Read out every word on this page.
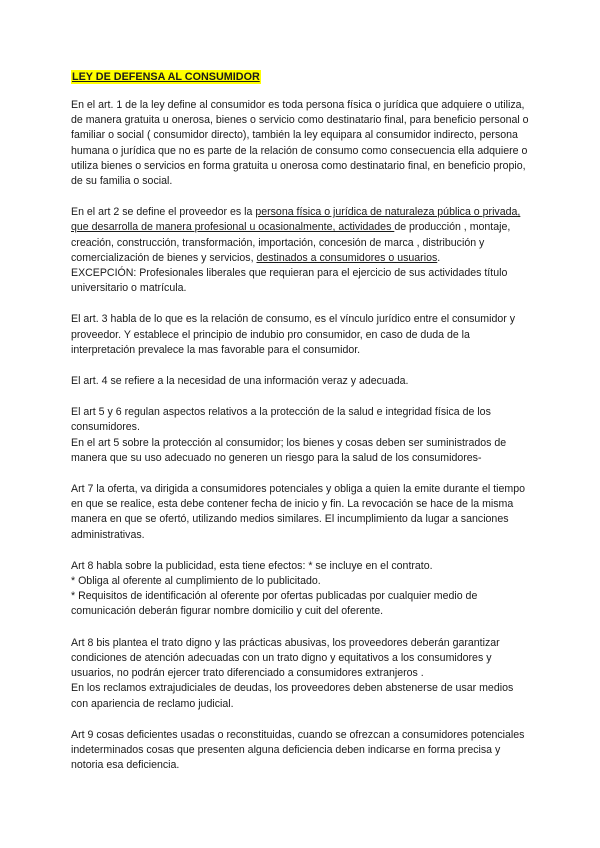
LEY DE DEFENSA AL CONSUMIDOR

En el art. 1 de la ley define al consumidor es toda persona física o jurídica que adquiere o utiliza, de manera gratuita u onerosa, bienes o servicio como destinatario final, para beneficio personal o familiar o social ( consumidor directo), también la ley equipara al consumidor indirecto, persona humana o jurídica que no es parte de la relación de consumo como consecuencia ella adquiere o utiliza bienes o servicios en forma gratuita u onerosa como destinatario final, en beneficio propio, de su familia o social.

En el art 2 se define el proveedor es la persona física o jurídica de naturaleza pública o privada, que desarrolla de manera profesional u ocasionalmente, actividades de producción , montaje, creación, construcción, transformación, importación, concesión de marca , distribución y comercialización de bienes y servicios, destinados a consumidores o usuarios.
EXCEPCIÓN: Profesionales liberales que requieran para el ejercicio de sus actividades título universitario o matrícula.

El art. 3 habla de lo que es la relación de consumo, es el vínculo jurídico entre el consumidor y proveedor. Y establece el principio de indubio pro consumidor, en caso de duda de la interpretación prevalece la mas favorable para el consumidor.

El art. 4 se refiere a la necesidad de una información veraz y adecuada.

El art 5 y 6 regulan aspectos relativos a la protección de la salud e integridad física de los consumidores.
En el art 5 sobre la protección al consumidor; los bienes y cosas deben ser suministrados de manera que su uso adecuado no generen un riesgo para la salud de los consumidores-

Art 7 la oferta, va dirigida a consumidores potenciales y obliga a quien la emite durante el tiempo en que se realice, esta debe contener fecha de inicio y fin. La revocación se hace de la misma manera en que se ofertó, utilizando medios similares. El incumplimiento da lugar a sanciones administrativas.

Art 8 habla sobre la publicidad, esta tiene efectos: * se incluye en el contrato.
* Obliga al oferente al cumplimiento de lo publicitado.
* Requisitos de identificación al oferente por ofertas publicadas por cualquier medio de comunicación deberán figurar nombre domicilio y cuit del oferente.

Art 8 bis plantea el trato digno y las prácticas abusivas, los proveedores deberán garantizar condiciones de atención adecuadas con un trato digno y equitativos a los consumidores y usuarios, no podrán ejercer trato diferenciado a consumidores extranjeros .
En los reclamos extrajudiciales de deudas, los proveedores deben abstenerse de usar medios con apariencia de reclamo judicial.

Art 9 cosas deficientes usadas o reconstituidas, cuando se ofrezcan a consumidores potenciales indeterminados cosas que presenten alguna deficiencia deben indicarse en forma precisa y notoria esa deficiencia.
